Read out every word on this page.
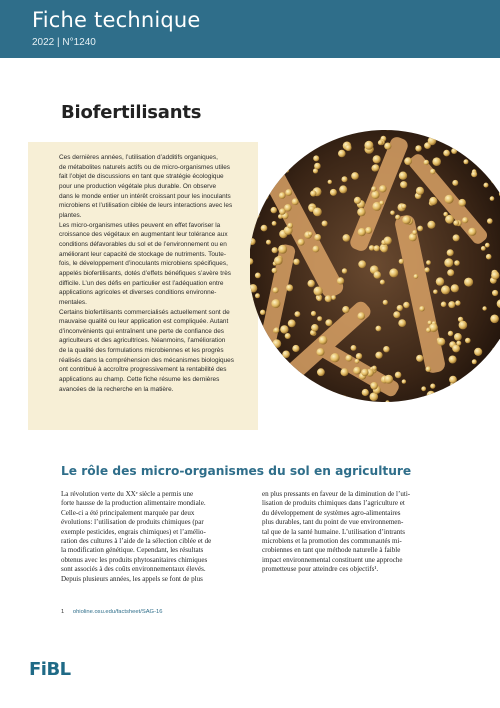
Fiche technique
2022 | N°1240
Biofertilisants

Ces dernières années, l’utilisation d’additifs organiques,
de métabolites naturels actifs ou de micro-organismes utiles
fait l’objet de discussions en tant que stratégie écologique
pour une production végétale plus durable. On observe
dans le monde entier un intérêt croissant pour les inoculants
microbiens et l’utilisation ciblée de leurs interactions avec les
plantes.
Les micro-organismes utiles peuvent en effet favoriser la
croissance des végétaux en augmentant leur tolérance aux
conditions défavorables du sol et de l’environnement ou en
améliorant leur capacité de stockage de nutriments. Toute-
fois, le développement d’inoculants microbiens spécifiques,
appelés biofertilisants, dotés d’effets bénéfiques s’avère très
difficile. L’un des défis en particulier est l’adéquation entre
applications agricoles et diverses conditions environne-
mentales.
Certains biofertilisants commercialisés actuellement sont de
mauvaise qualité ou leur application est compliquée. Autant
d’inconvénients qui entraînent une perte de confiance des
agriculteurs et des agricultrices. Néanmoins, l’amélioration
de la qualité des formulations microbiennes et les progrès
réalisés dans la compréhension des mécanismes biologiques
ont contribué à accroître progressivement la rentabilité des
applications au champ. Cette fiche résume les dernières
avancées de la recherche en la matière.

Le rôle des micro-organismes du sol en agriculture
La révolution verte du XXᵉ siècle a permis une
forte hausse de la production alimentaire mondiale.
Celle-ci a été principalement marquée par deux
évolutions: l’utilisation de produits chimiques (par
exemple pesticides, engrais chimiques) et l’amélio-
ration des cultures à l’aide de la sélection ciblée et de
la modification génétique. Cependant, les résultats
obtenus avec les produits phytosanitaires chimiques
sont associés à des coûts environnementaux élevés.
Depuis plusieurs années, les appels se font de plus
en plus pressants en faveur de la diminution de l’uti-
lisation de produits chimiques dans l’agriculture et
du développement de systèmes agro-alimentaires
plus durables, tant du point de vue environnemen-
tal que de la santé humaine. L’utilisation d’intrants
microbiens et la promotion des communautés mi-
crobiennes en tant que méthode naturelle à faible
impact environnemental constituent une approche
prometteuse pour atteindre ces objectifs¹.
1 ohioline.osu.edu/factsheet/SAG-16
FiBL
